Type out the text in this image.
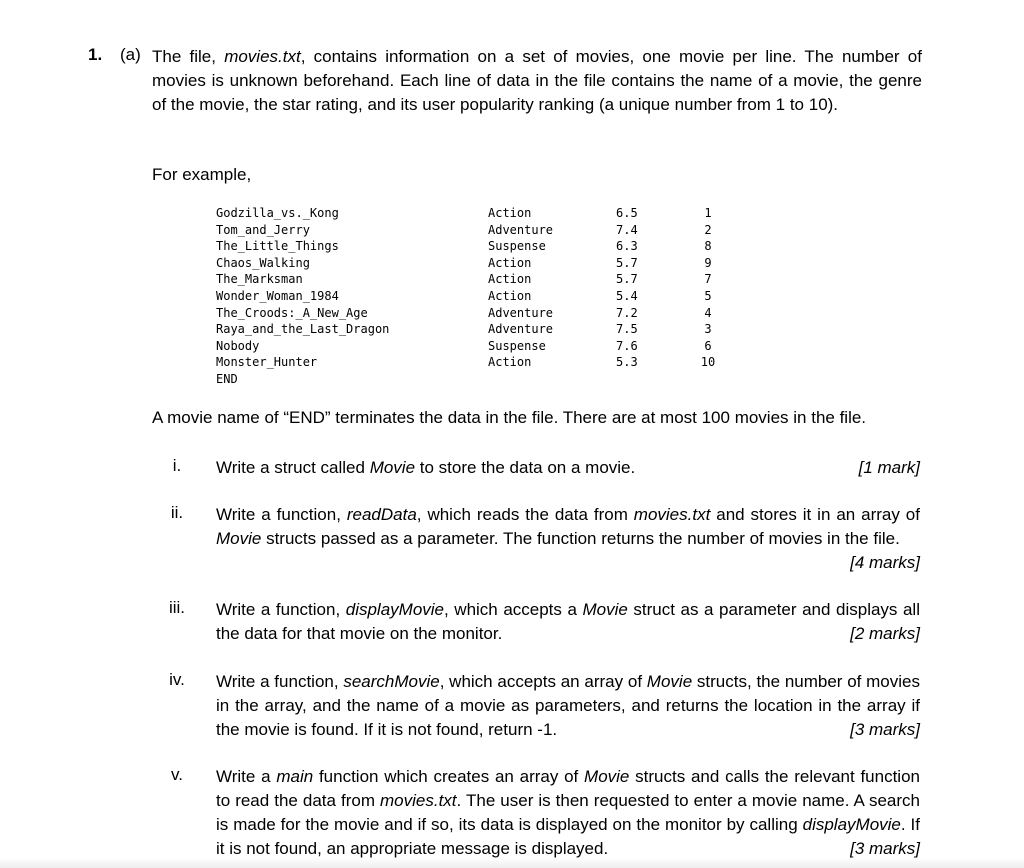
1. (a) The file, movies.txt, contains information on a set of movies, one movie per line. The number of movies is unknown beforehand. Each line of data in the file contains the name of a movie, the genre of the movie, the star rating, and its user popularity ranking (a unique number from 1 to 10).
For example,
Godzilla_vs._Kong	Action	6.5	1
Tom_and_Jerry	Adventure	7.4	2
The_Little_Things	Suspense	6.3	8
Chaos_Walking	Action	5.7	9
The_Marksman	Action	5.7	7
Wonder_Woman_1984	Action	5.4	5
The_Croods:_A_New_Age	Adventure	7.2	4
Raya_and_the_Last_Dragon	Adventure	7.5	3
Nobody	Suspense	7.6	6
Monster_Hunter	Action	5.3	10
END			
A movie name of “END” terminates the data in the file. There are at most 100 movies in the file.
i.	Write a struct called Movie to store the data on a movie.	[1 mark]
ii.	Write a function, readData, which reads the data from movies.txt and stores it in an array of Movie structs passed as a parameter. The function returns the number of movies in the file.
[4 marks]
iii.	Write a function, displayMovie, which accepts a Movie struct as a parameter and displays all the data for that movie on the monitor.	[2 marks]
iv.	Write a function, searchMovie, which accepts an array of Movie structs, the number of movies in the array, and the name of a movie as parameters, and returns the location in the array if the movie is found. If it is not found, return -1.	[3 marks]
v.	Write a main function which creates an array of Movie structs and calls the relevant function to read the data from movies.txt. The user is then requested to enter a movie name. A search is made for the movie and if so, its data is displayed on the monitor by calling displayMovie. If it is not found, an appropriate message is displayed.	[3 marks]
